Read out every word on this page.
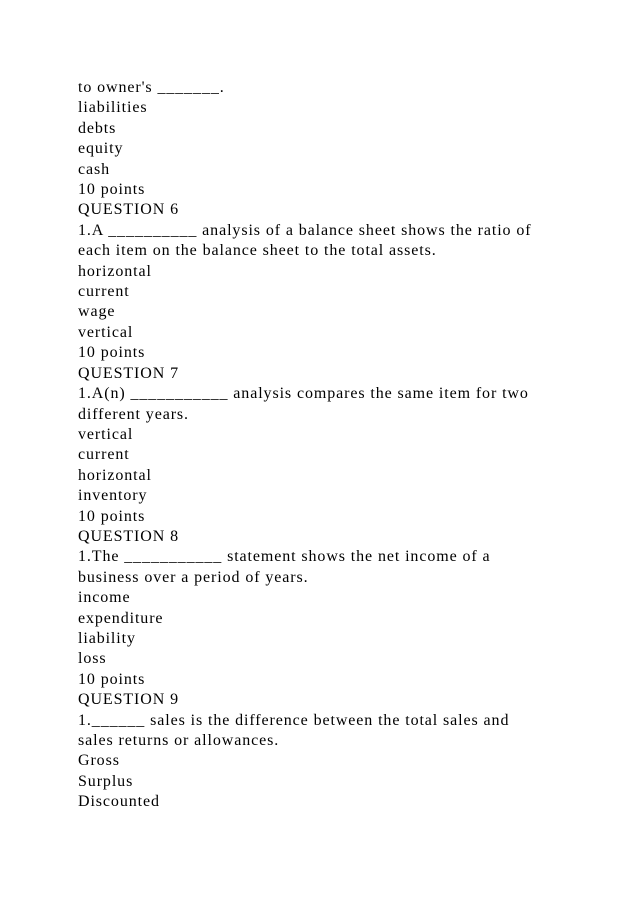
to owner's _______.
liabilities
debts
equity
cash
10 points
QUESTION 6
1.A __________ analysis of a balance sheet shows the ratio of
each item on the balance sheet to the total assets.
horizontal
current
wage
vertical
10 points
QUESTION 7
1.A(n) ___________ analysis compares the same item for two
different years.
vertical
current
horizontal
inventory
10 points
QUESTION 8
1.The ___________ statement shows the net income of a
business over a period of years.
income
expenditure
liability
loss
10 points
QUESTION 9
1.______ sales is the difference between the total sales and
sales returns or allowances.
Gross
Surplus
Discounted
